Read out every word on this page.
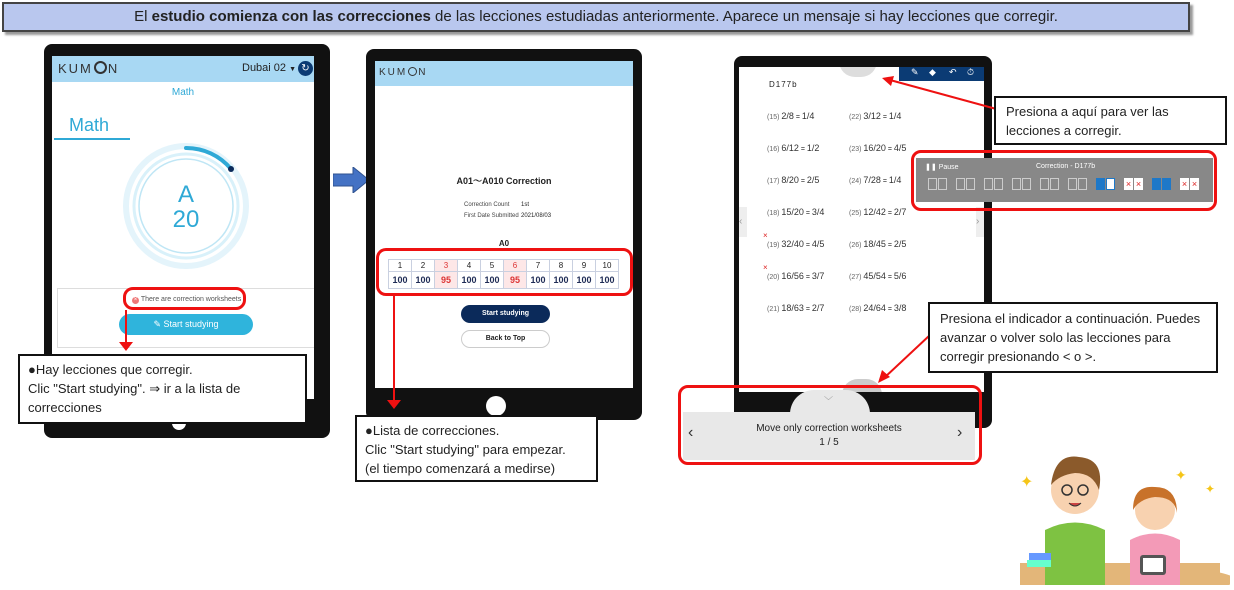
El estudio comienza con las correcciones de las lecciones estudiadas anteriormente. Aparece un mensaje si hay lecciones que corregir.
KUM N	Dubai 02 ▼ ↻
Math
Math
A
20
× There are correction worksheets
✎ Start studying
●Hay lecciones que corregir.
Clic "Start studying". ⇒ ir a la lista de correcciones
KUM N
A01～A010 Correction
Correction Count 1st
First Date Submitted 2021/08/03
A0
1	2	3	4	5	6	7	8	9	10
100	100	95	100	100	95	100	100	100	100
Start studying
Back to Top
●Lista de correcciones.
Clic "Start studying" para empezar.
(el tiempo comenzará a medirse)
✎ ◆ ↶ ⏱
D177b
(15) 2/8 = 1/4
(16) 6/12 = 1/2
(17) 8/20 = 2/5
(18) 15/20 = 3/4
×
(19) 32/40 = 4/5
×
(20) 16/56 = 3/7
(21) 18/63 = 2/7
(22) 3/12 = 1/4
(23) 16/20 = 4/5
(24) 7/28 = 1/4
(25) 12/42 = 2/7
(26) 18/45 = 2/5
(27) 45/54 = 5/6
(28) 24/64 = 3/8
‹	›
Presiona a aquí para ver las lecciones a corregir.
❚❚ Pause	Correction - D177b
× ×	× ×
Presiona el indicador a continuación. Puedes avanzar o volver solo las lecciones para corregir presionando < o >.
﹀
‹	Move only correction worksheets
1 / 5
›
✦	✦
✦
